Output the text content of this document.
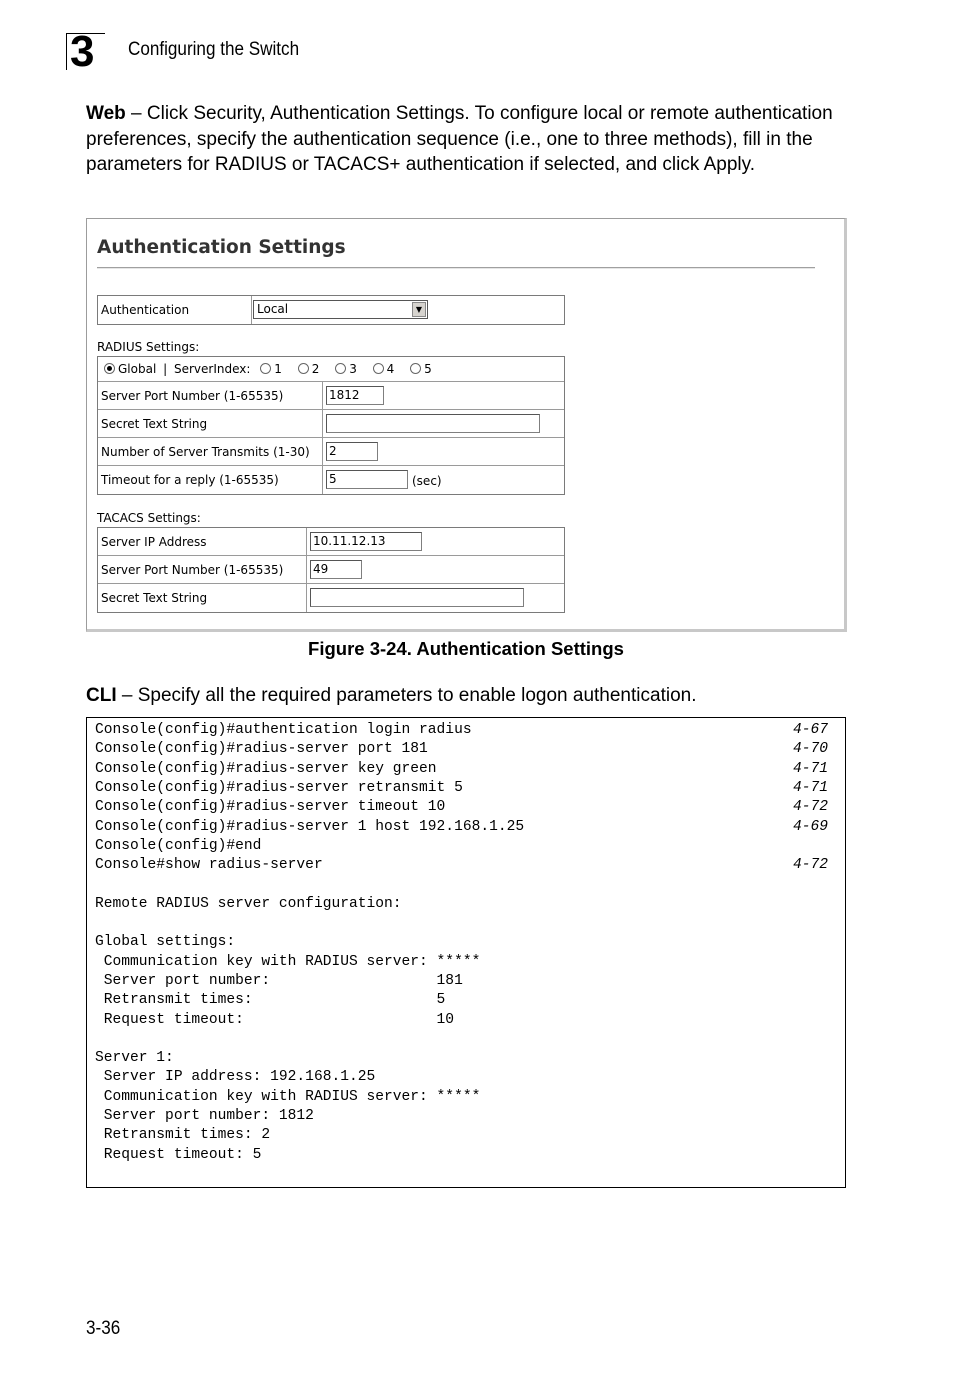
3 Configuring the Switch
Web – Click Security, Authentication Settings. To configure local or remote authentication preferences, specify the authentication sequence (i.e., one to three methods), fill in the parameters for RADIUS or TACACS+ authentication if selected, and click Apply.
Authentication Settings
Authentication	Local	▼
RADIUS Settings:
Global | ServerIndex: 1 2 3 4 5
Server Port Number (1-65535)	1812
Secret Text String
Number of Server Transmits (1-30)	2
Timeout for a reply (1-65535)	5	(sec)
TACACS Settings:
Server IP Address	10.11.12.13
Server Port Number (1-65535)	49
Secret Text String
Figure 3-24. Authentication Settings
CLI – Specify all the required parameters to enable logon authentication.
Console(config)#authentication login radius	4-67
Console(config)#radius-server port 181	4-70
Console(config)#radius-server key green	4-71
Console(config)#radius-server retransmit 5	4-71
Console(config)#radius-server timeout 10	4-72
Console(config)#radius-server 1 host 192.168.1.25	4-69
Console(config)#end
Console#show radius-server	4-72
Remote RADIUS server configuration:
Global settings:
Communication key with RADIUS server: *****
Server port number:                   181
Retransmit times:                     5
Request timeout:                      10
Server 1:
Server IP address: 192.168.1.25
Communication key with RADIUS server: *****
Server port number: 1812
Retransmit times: 2
Request timeout: 5
3-36
